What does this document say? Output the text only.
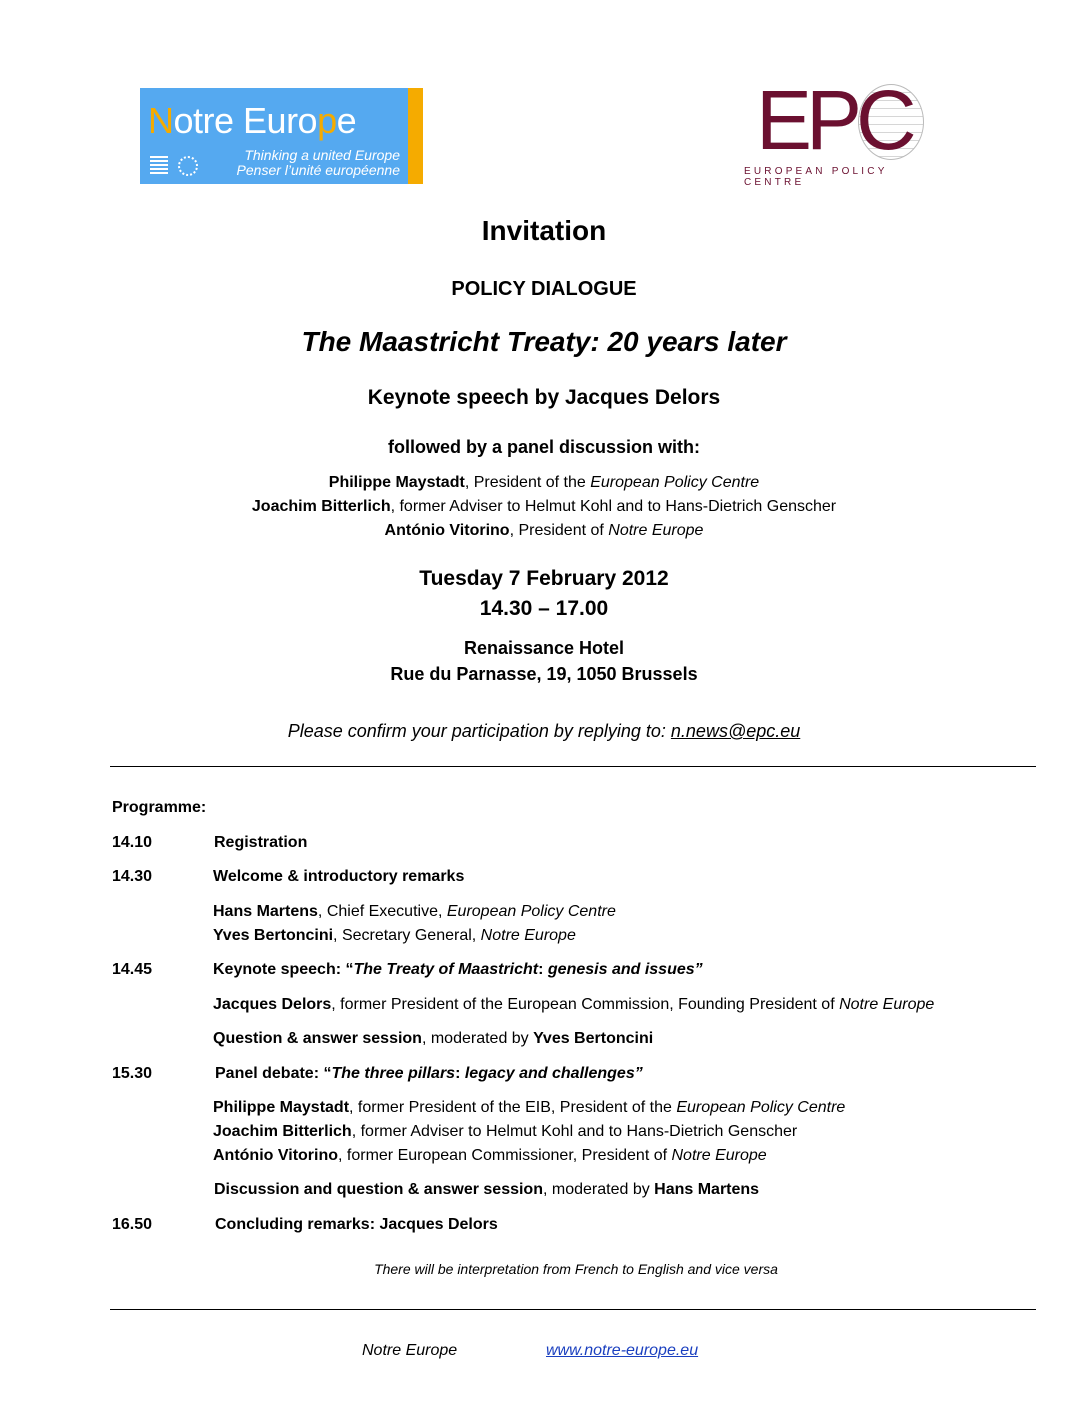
Notre Europe
Thinking a united Europe
Penser l’unité européenne
EPC
EUROPEAN POLICY CENTRE
Invitation
POLICY DIALOGUE
The Maastricht Treaty: 20 years later
Keynote speech by Jacques Delors
followed by a panel discussion with:
Philippe Maystadt, President of the European Policy Centre
Joachim Bitterlich, former Adviser to Helmut Kohl and to Hans-Dietrich Genscher
António Vitorino, President of Notre Europe
Tuesday 7 February 2012
14.30 – 17.00
Renaissance Hotel
Rue du Parnasse, 19, 1050 Brussels
Please confirm your participation by replying to: n.news@epc.eu
Programme:
14.10	Registration
14.30	Welcome & introductory remarks
Hans Martens, Chief Executive, European Policy Centre
Yves Bertoncini, Secretary General, Notre Europe
14.45	Keynote speech: “The Treaty of Maastricht: genesis and issues”
Jacques Delors, former President of the European Commission, Founding President of Notre Europe
Question & answer session, moderated by Yves Bertoncini
15.30	Panel debate: “The three pillars: legacy and challenges”
Philippe Maystadt, former President of the EIB, President of the European Policy Centre
Joachim Bitterlich, former Adviser to Helmut Kohl and to Hans-Dietrich Genscher
António Vitorino, former European Commissioner, President of Notre Europe
Discussion and question & answer session, moderated by Hans Martens
16.50	Concluding remarks: Jacques Delors
There will be interpretation from French to English and vice versa
Notre Europe	www.notre-europe.eu
